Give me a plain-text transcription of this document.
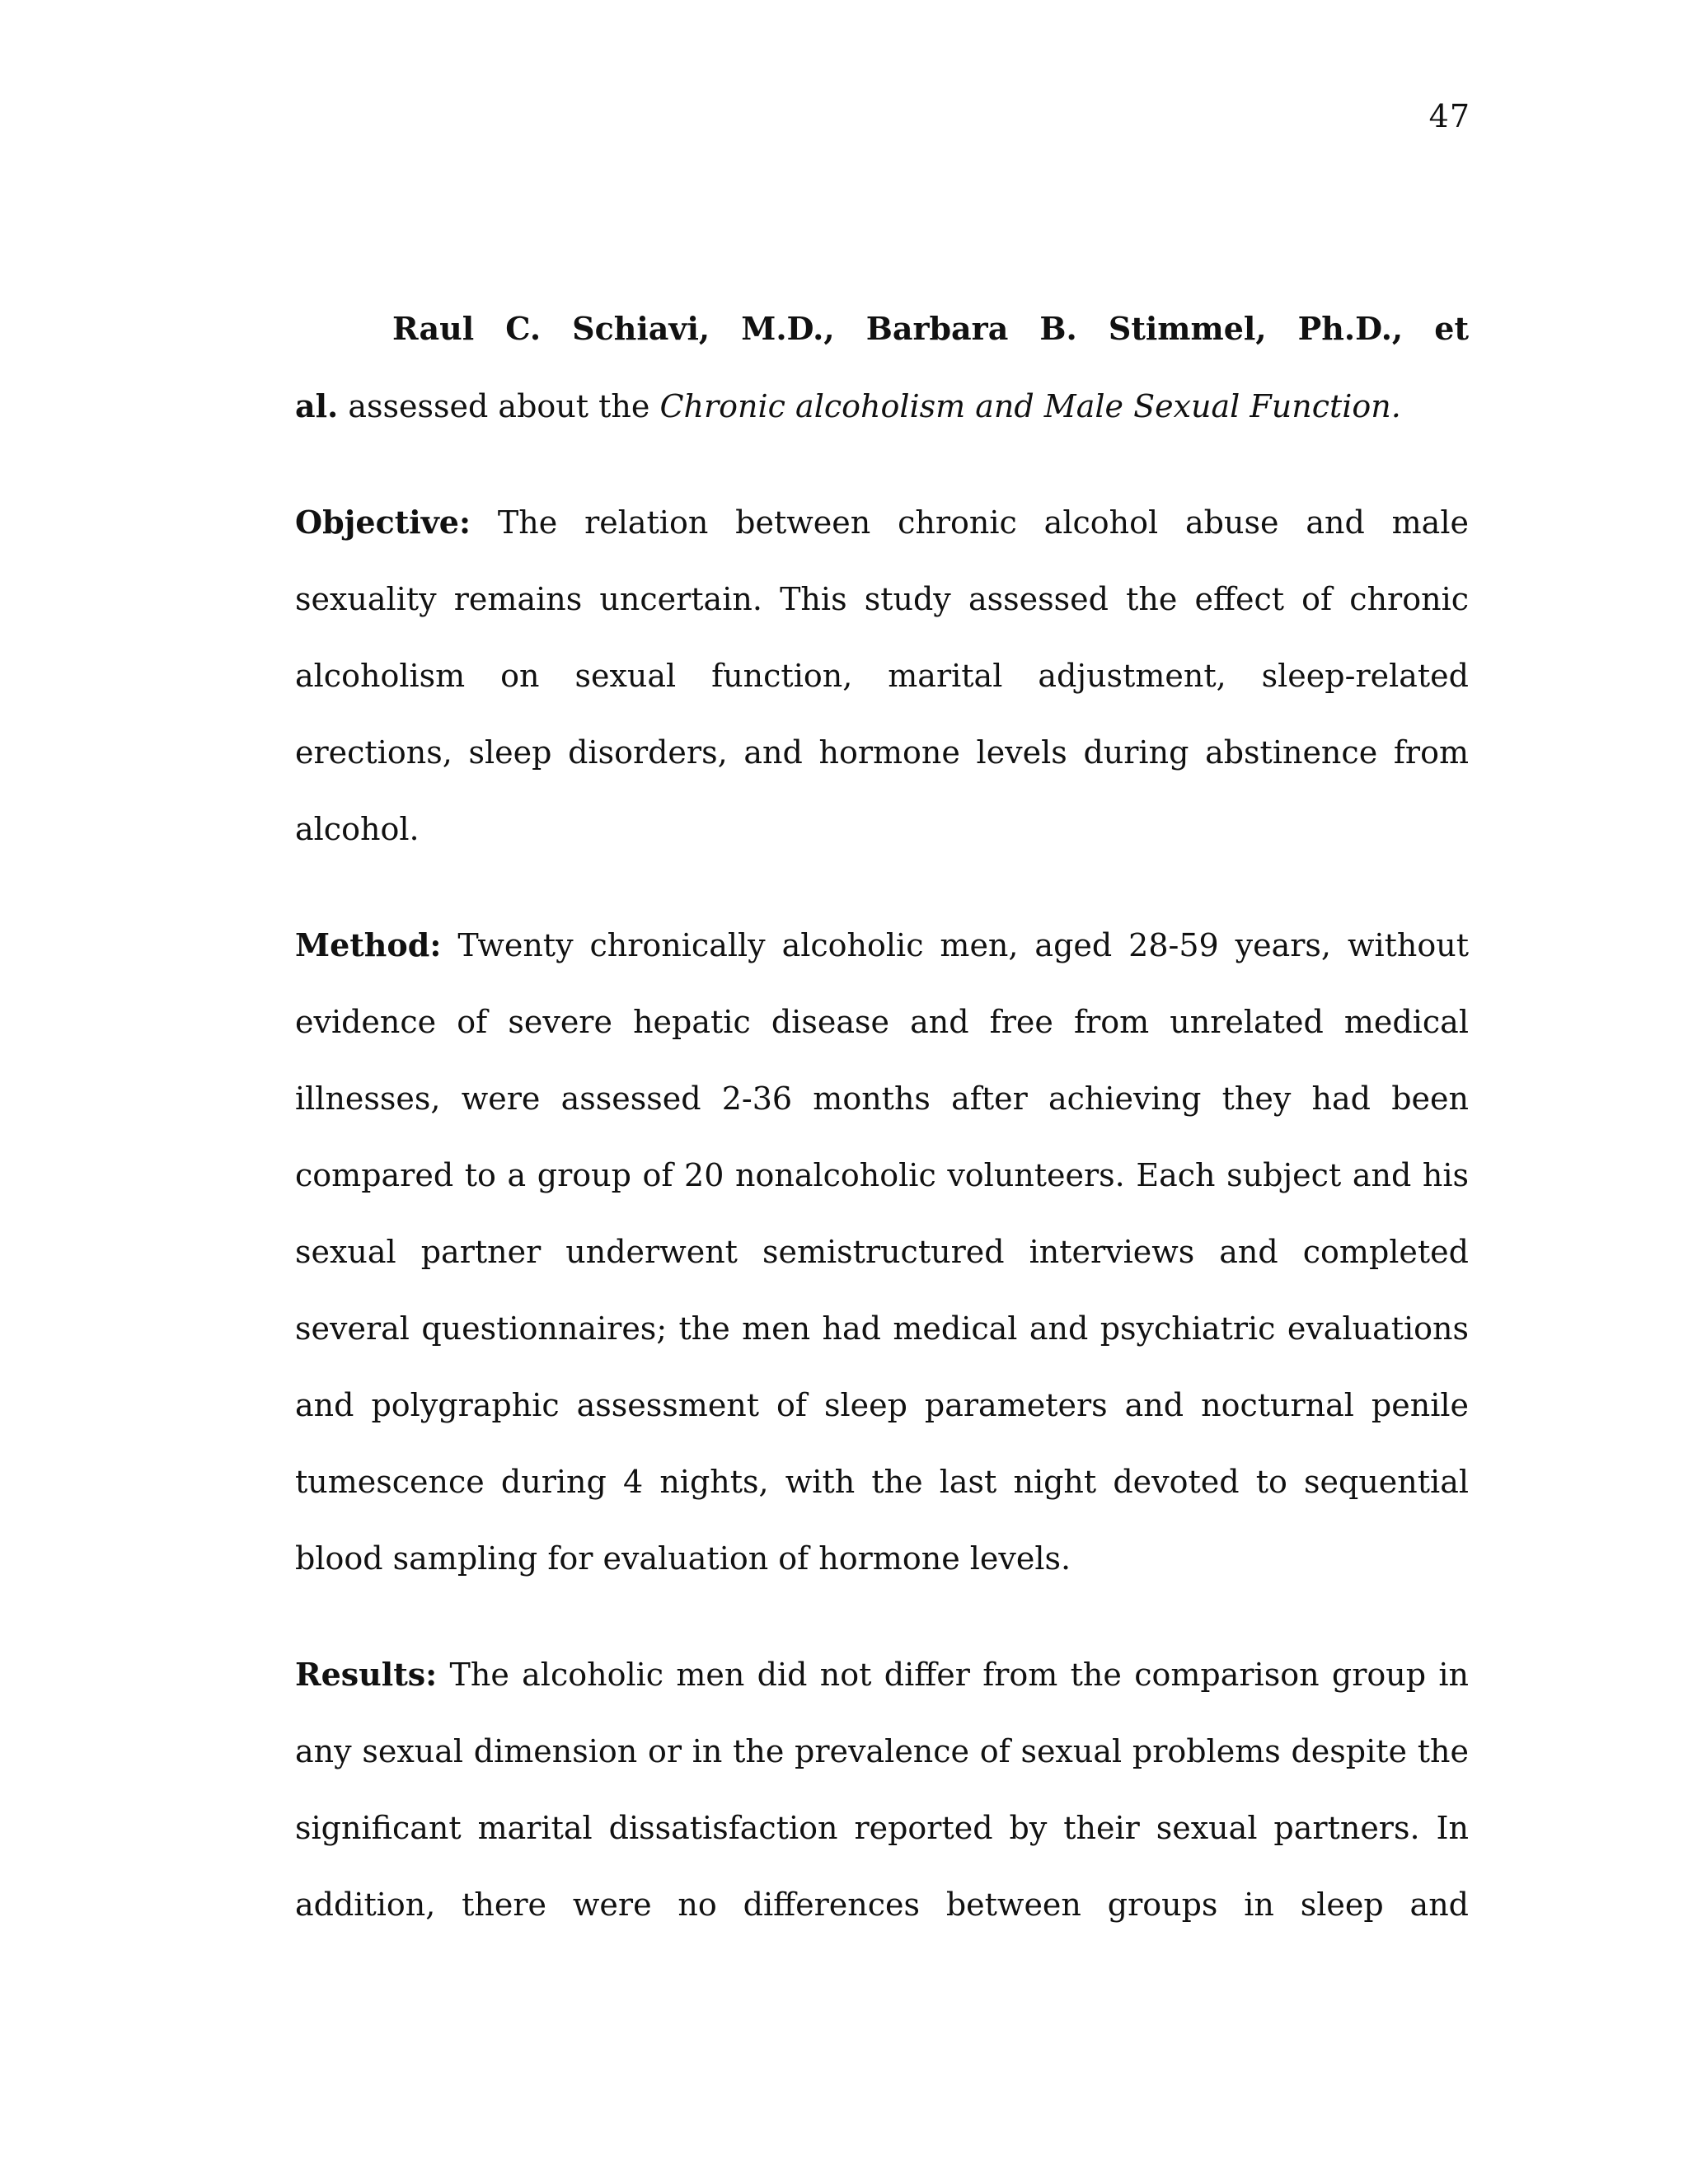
47

Raul C. Schiavi, M.D., Barbara B. Stimmel, Ph.D., et al. assessed about the Chronic alcoholism and Male Sexual Function.

Objective: The relation between chronic alcohol abuse and male sexuality remains uncertain. This study assessed the effect of chronic alcoholism on sexual function, marital adjustment, sleep-related erections, sleep disorders, and hormone levels during abstinence from alcohol.

Method: Twenty chronically alcoholic men, aged 28-59 years, without evidence of severe hepatic disease and free from unrelated medical illnesses, were assessed 2-36 months after achieving they had been compared to a group of 20 nonalcoholic volunteers. Each subject and his sexual partner underwent semistructured interviews and completed several questionnaires; the men had medical and psychiatric evaluations and polygraphic assessment of sleep parameters and nocturnal penile tumescence during 4 nights, with the last night devoted to sequential blood sampling for evaluation of hormone levels.

Results: The alcoholic men did not differ from the comparison group in any sexual dimension or in the prevalence of sexual problems despite the significant marital dissatisfaction reported by their sexual partners. In addition, there were no differences between groups in sleep and
